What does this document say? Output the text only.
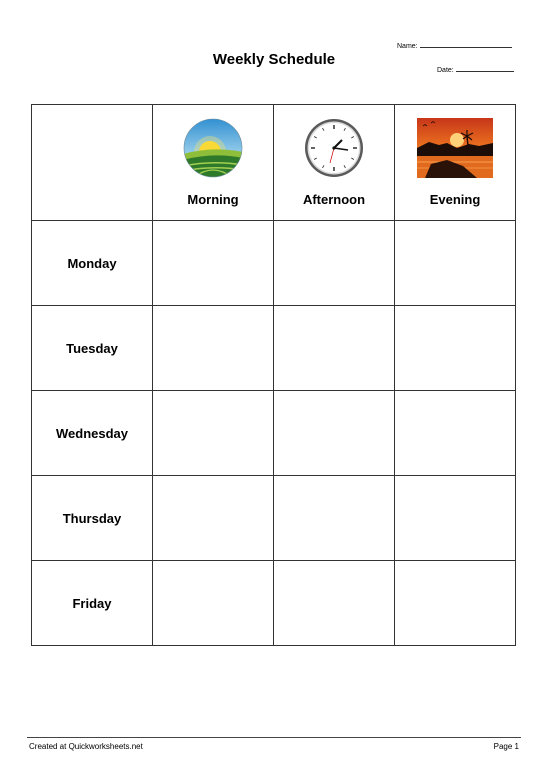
Name:
Date:
Weekly Schedule

	Morning	Afternoon	Evening

Monday			
Tuesday			
Wednesday			
Thursday			
Friday			
Created at Quickworksheets.net	Page 1
